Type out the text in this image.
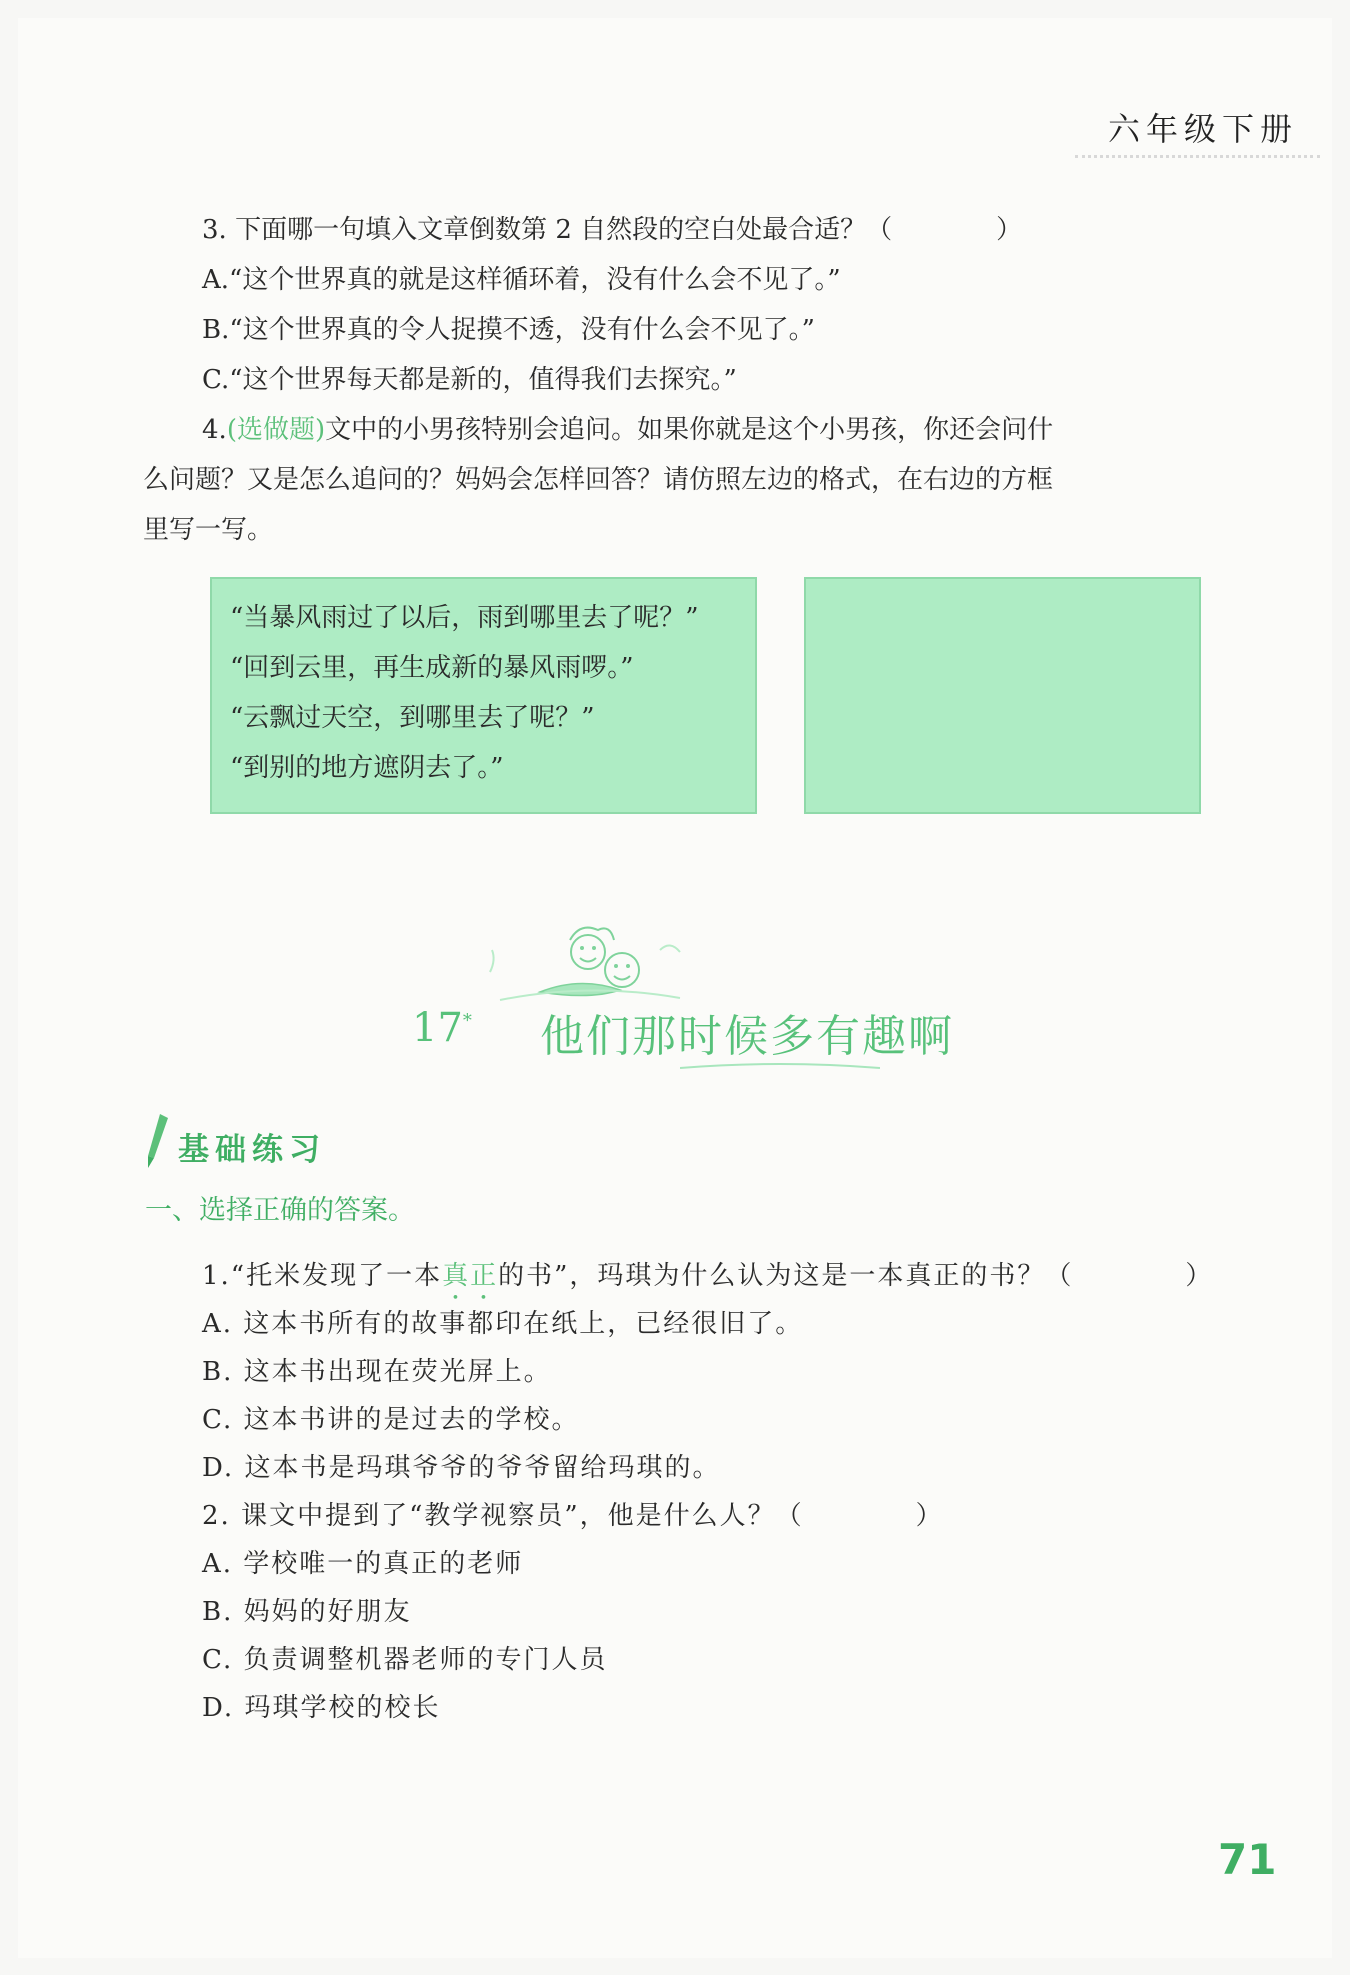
六年级下册
3. 下面哪一句填入文章倒数第 2 自然段的空白处最合适？（　　　　）
A.“这个世界真的就是这样循环着，没有什么会不见了。”
B.“这个世界真的令人捉摸不透，没有什么会不见了。”
C.“这个世界每天都是新的，值得我们去探究。”
4.(选做题)文中的小男孩特别会追问。如果你就是这个小男孩，你还会问什
么问题？又是怎么追问的？妈妈会怎样回答？请仿照左边的格式，在右边的方框
里写一写。
“当暴风雨过了以后，雨到哪里去了呢？”
“回到云里，再生成新的暴风雨啰。”
“云飘过天空，到哪里去了呢？”
“到别的地方遮阴去了。”
17* 他们那时候多有趣啊
基础练习
一、选择正确的答案。
1.“托米发现了一本真正的书”，玛琪为什么认为这是一本真正的书？（　　　　）
A. 这本书所有的故事都印在纸上，已经很旧了。
B. 这本书出现在荧光屏上。
C. 这本书讲的是过去的学校。
D. 这本书是玛琪爷爷的爷爷留给玛琪的。
2. 课文中提到了“教学视察员”，他是什么人？（　　　　）
A. 学校唯一的真正的老师
B. 妈妈的好朋友
C. 负责调整机器老师的专门人员
D. 玛琪学校的校长
71
